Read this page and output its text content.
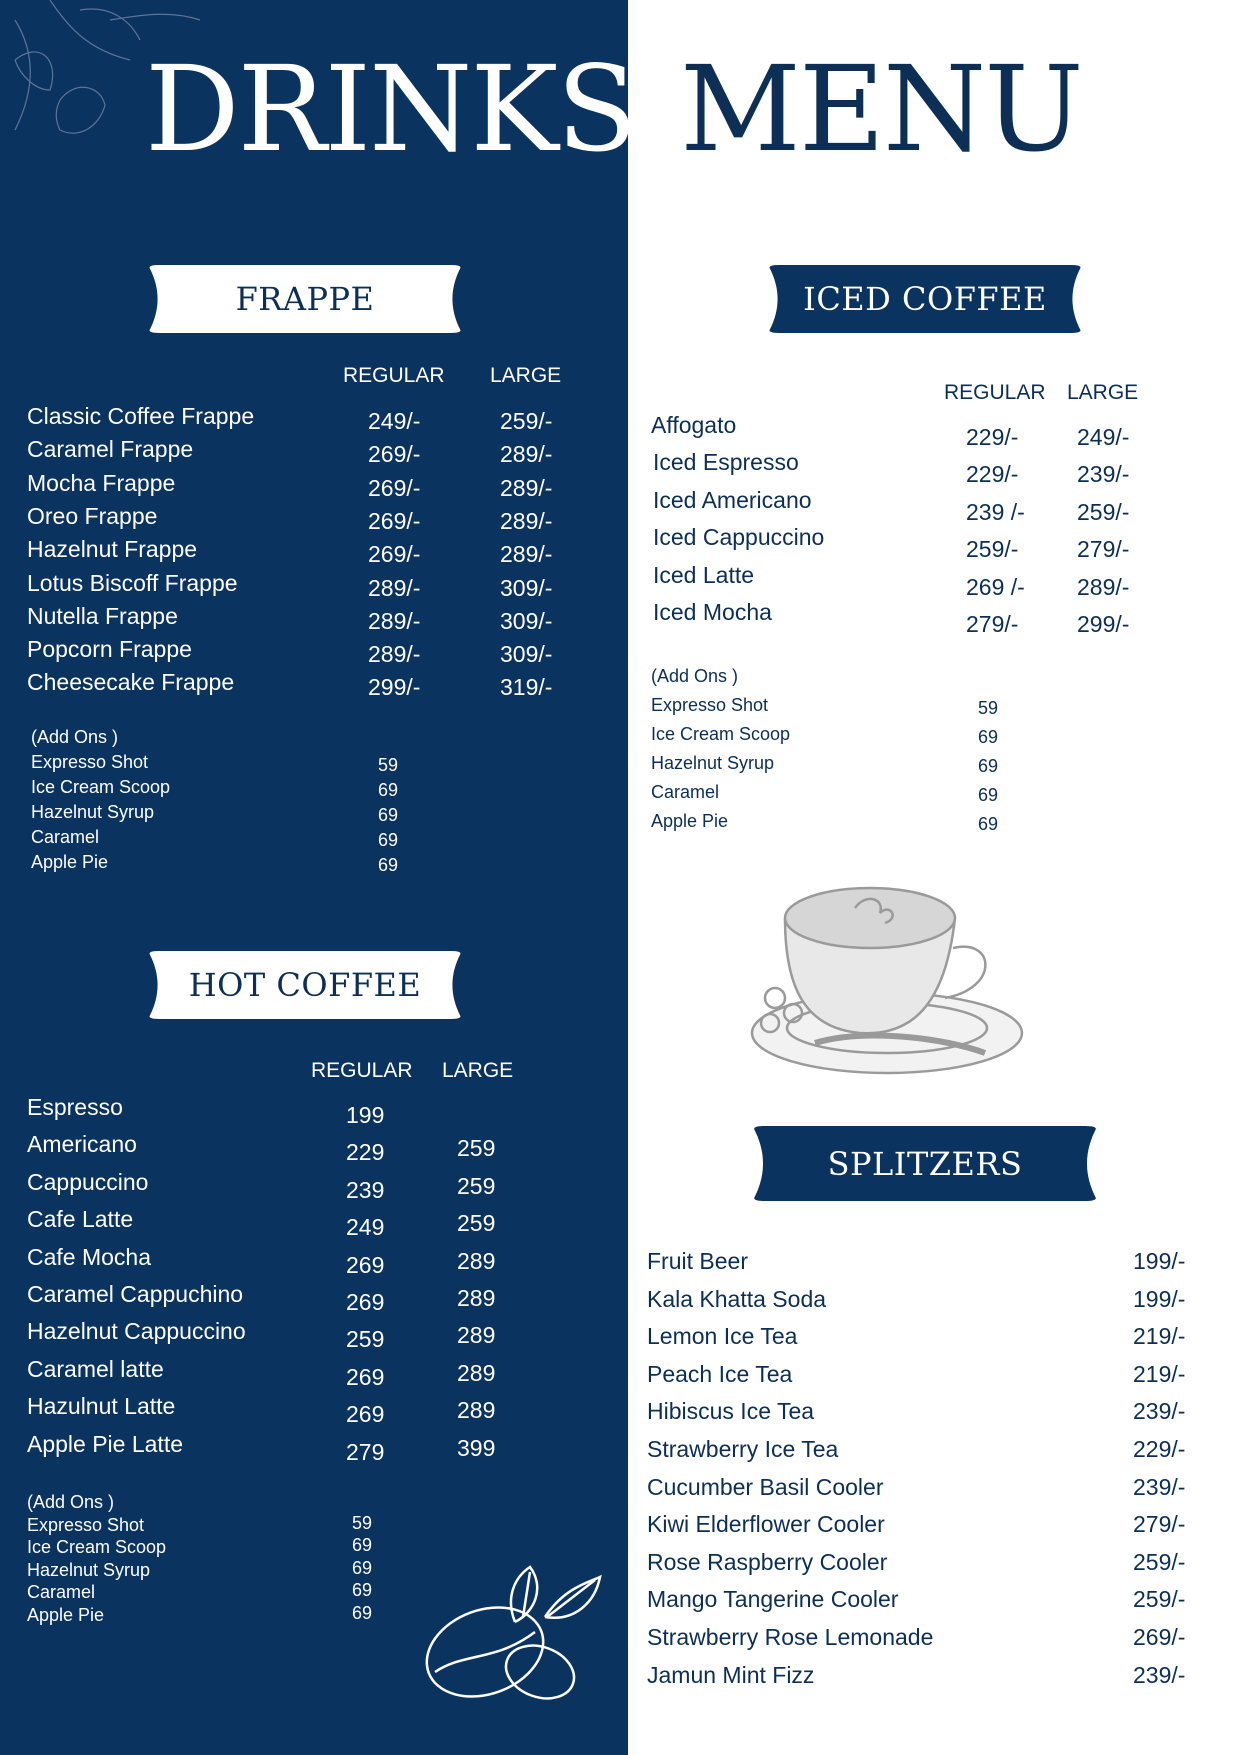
DRINKS MENU
FRAPPE
REGULAR LARGE
Classic Coffee Frappe	249/-	259/-
Caramel Frappe	269/-	289/-
Mocha Frappe	269/-	289/-
Oreo Frappe	269/-	289/-
Hazelnut Frappe	269/-	289/-
Lotus Biscoff Frappe	289/-	309/-
Nutella Frappe	289/-	309/-
Popcorn Frappe	289/-	309/-
Cheesecake Frappe	299/-	319/-
(Add Ons )
Expresso Shot	59
Ice Cream Scoop	69
Hazelnut Syrup	69
Caramel	69
Apple Pie	69
HOT COFFEE
REGULAR LARGE
Espresso	199
Americano	229	259
Cappuccino	239	259
Cafe Latte	249	259
Cafe Mocha	269	289
Caramel Cappuchino	269	289
Hazelnut Cappuccino	259	289
Caramel latte	269	289
Hazulnut Latte	269	289
Apple Pie Latte	279	399
(Add Ons )
Expresso Shot	59
Ice Cream Scoop	69
Hazelnut Syrup	69
Caramel	69
Apple Pie	69
ICED COFFEE
REGULAR LARGE
Affogato	229/-	249/-
Iced Espresso	229/-	239/-
Iced Americano	239 /- 259/-
Iced Cappuccino	259/-	279/-
Iced Latte	269 /- 289/-
Iced Mocha	279/-	299/-
(Add Ons )
Expresso Shot	59
Ice Cream Scoop	69
Hazelnut Syrup	69
Caramel	69
Apple Pie	69
SPLITZERS
Fruit Beer	199/-
Kala Khatta Soda	199/-
Lemon Ice Tea	219/-
Peach Ice Tea	219/-
Hibiscus Ice Tea	239/-
Strawberry Ice Tea	229/-
Cucumber Basil Cooler	239/-
Kiwi Elderflower Cooler	279/-
Rose Raspberry Cooler	259/-
Mango Tangerine Cooler	259/-
Strawberry Rose Lemonade	269/-
Jamun Mint Fizz	239/-
